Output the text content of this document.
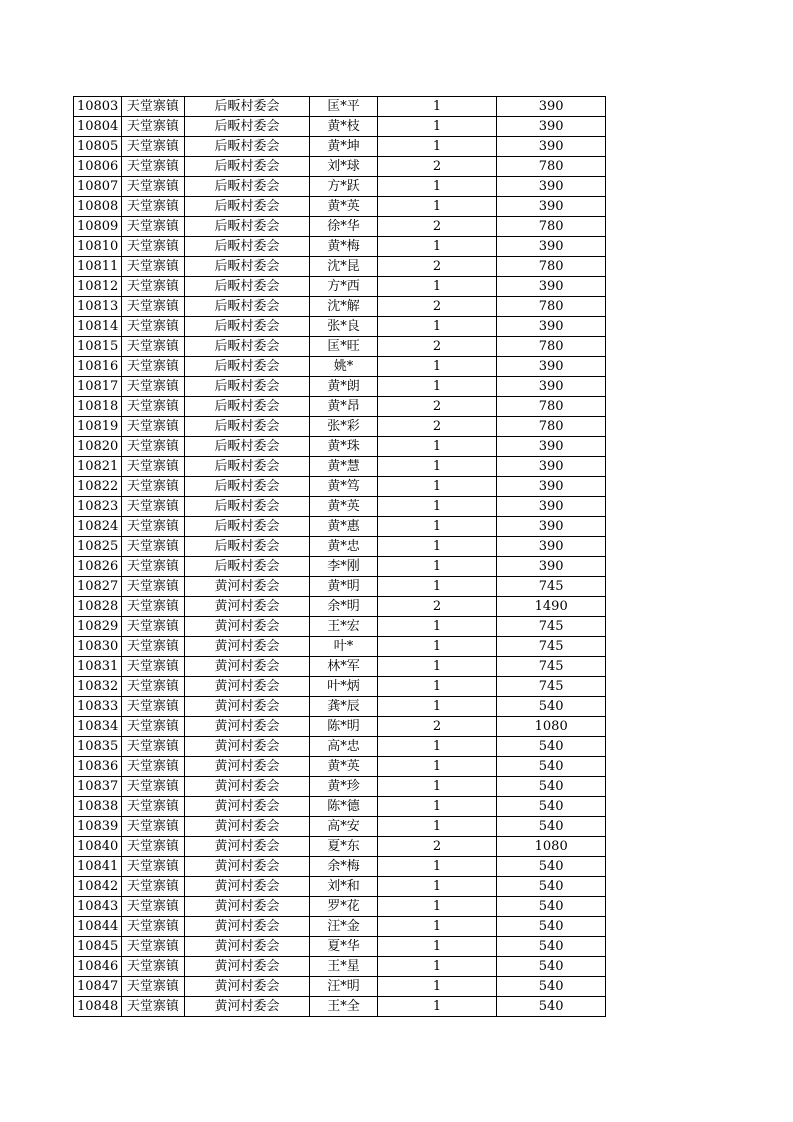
10803	天堂寨镇	后畈村委会	匡*平	1	390
10804	天堂寨镇	后畈村委会	黄*枝	1	390
10805	天堂寨镇	后畈村委会	黄*坤	1	390
10806	天堂寨镇	后畈村委会	刘*球	2	780
10807	天堂寨镇	后畈村委会	方*跃	1	390
10808	天堂寨镇	后畈村委会	黄*英	1	390
10809	天堂寨镇	后畈村委会	徐*华	2	780
10810	天堂寨镇	后畈村委会	黄*梅	1	390
10811	天堂寨镇	后畈村委会	沈*昆	2	780
10812	天堂寨镇	后畈村委会	方*西	1	390
10813	天堂寨镇	后畈村委会	沈*解	2	780
10814	天堂寨镇	后畈村委会	张*良	1	390
10815	天堂寨镇	后畈村委会	匡*旺	2	780
10816	天堂寨镇	后畈村委会	姚*	1	390
10817	天堂寨镇	后畈村委会	黄*朗	1	390
10818	天堂寨镇	后畈村委会	黄*昂	2	780
10819	天堂寨镇	后畈村委会	张*彩	2	780
10820	天堂寨镇	后畈村委会	黄*珠	1	390
10821	天堂寨镇	后畈村委会	黄*慧	1	390
10822	天堂寨镇	后畈村委会	黄*笃	1	390
10823	天堂寨镇	后畈村委会	黄*英	1	390
10824	天堂寨镇	后畈村委会	黄*惠	1	390
10825	天堂寨镇	后畈村委会	黄*忠	1	390
10826	天堂寨镇	后畈村委会	李*刚	1	390
10827	天堂寨镇	黄河村委会	黄*明	1	745
10828	天堂寨镇	黄河村委会	余*明	2	1490
10829	天堂寨镇	黄河村委会	王*宏	1	745
10830	天堂寨镇	黄河村委会	叶*	1	745
10831	天堂寨镇	黄河村委会	林*军	1	745
10832	天堂寨镇	黄河村委会	叶*炳	1	745
10833	天堂寨镇	黄河村委会	龚*辰	1	540
10834	天堂寨镇	黄河村委会	陈*明	2	1080
10835	天堂寨镇	黄河村委会	高*忠	1	540
10836	天堂寨镇	黄河村委会	黄*英	1	540
10837	天堂寨镇	黄河村委会	黄*珍	1	540
10838	天堂寨镇	黄河村委会	陈*德	1	540
10839	天堂寨镇	黄河村委会	高*安	1	540
10840	天堂寨镇	黄河村委会	夏*东	2	1080
10841	天堂寨镇	黄河村委会	余*梅	1	540
10842	天堂寨镇	黄河村委会	刘*和	1	540
10843	天堂寨镇	黄河村委会	罗*花	1	540
10844	天堂寨镇	黄河村委会	汪*金	1	540
10845	天堂寨镇	黄河村委会	夏*华	1	540
10846	天堂寨镇	黄河村委会	王*星	1	540
10847	天堂寨镇	黄河村委会	汪*明	1	540
10848	天堂寨镇	黄河村委会	王*全	1	540
